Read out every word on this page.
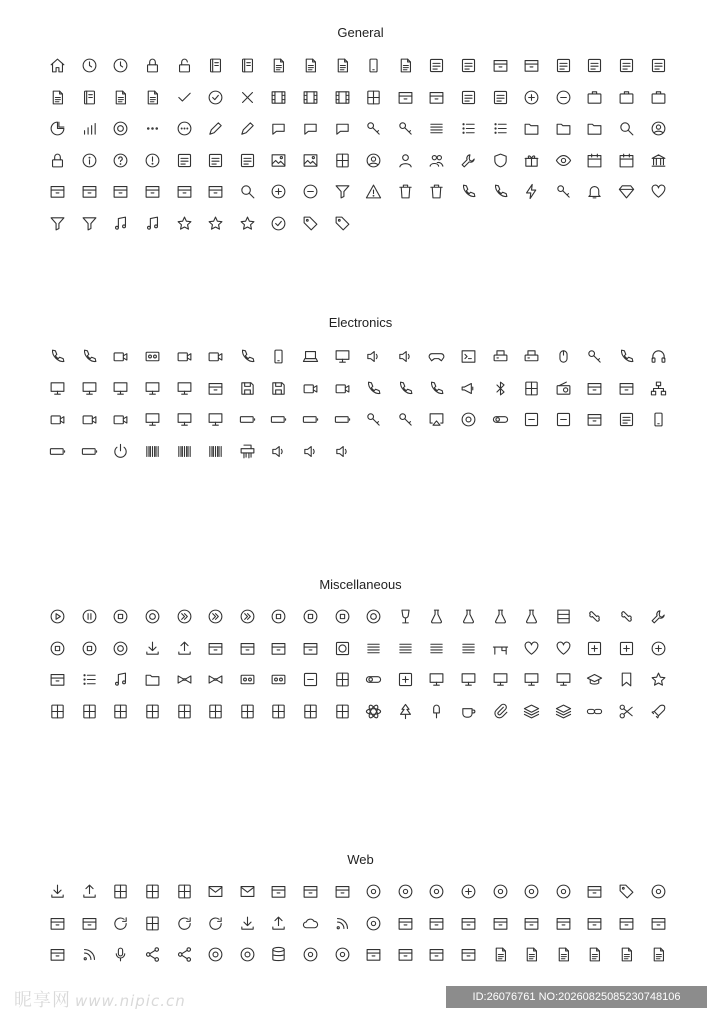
General
Electronics
Miscellaneous
Web
昵享网 www.nipic.cn	ID:26076761 NO:20260825085230748106
